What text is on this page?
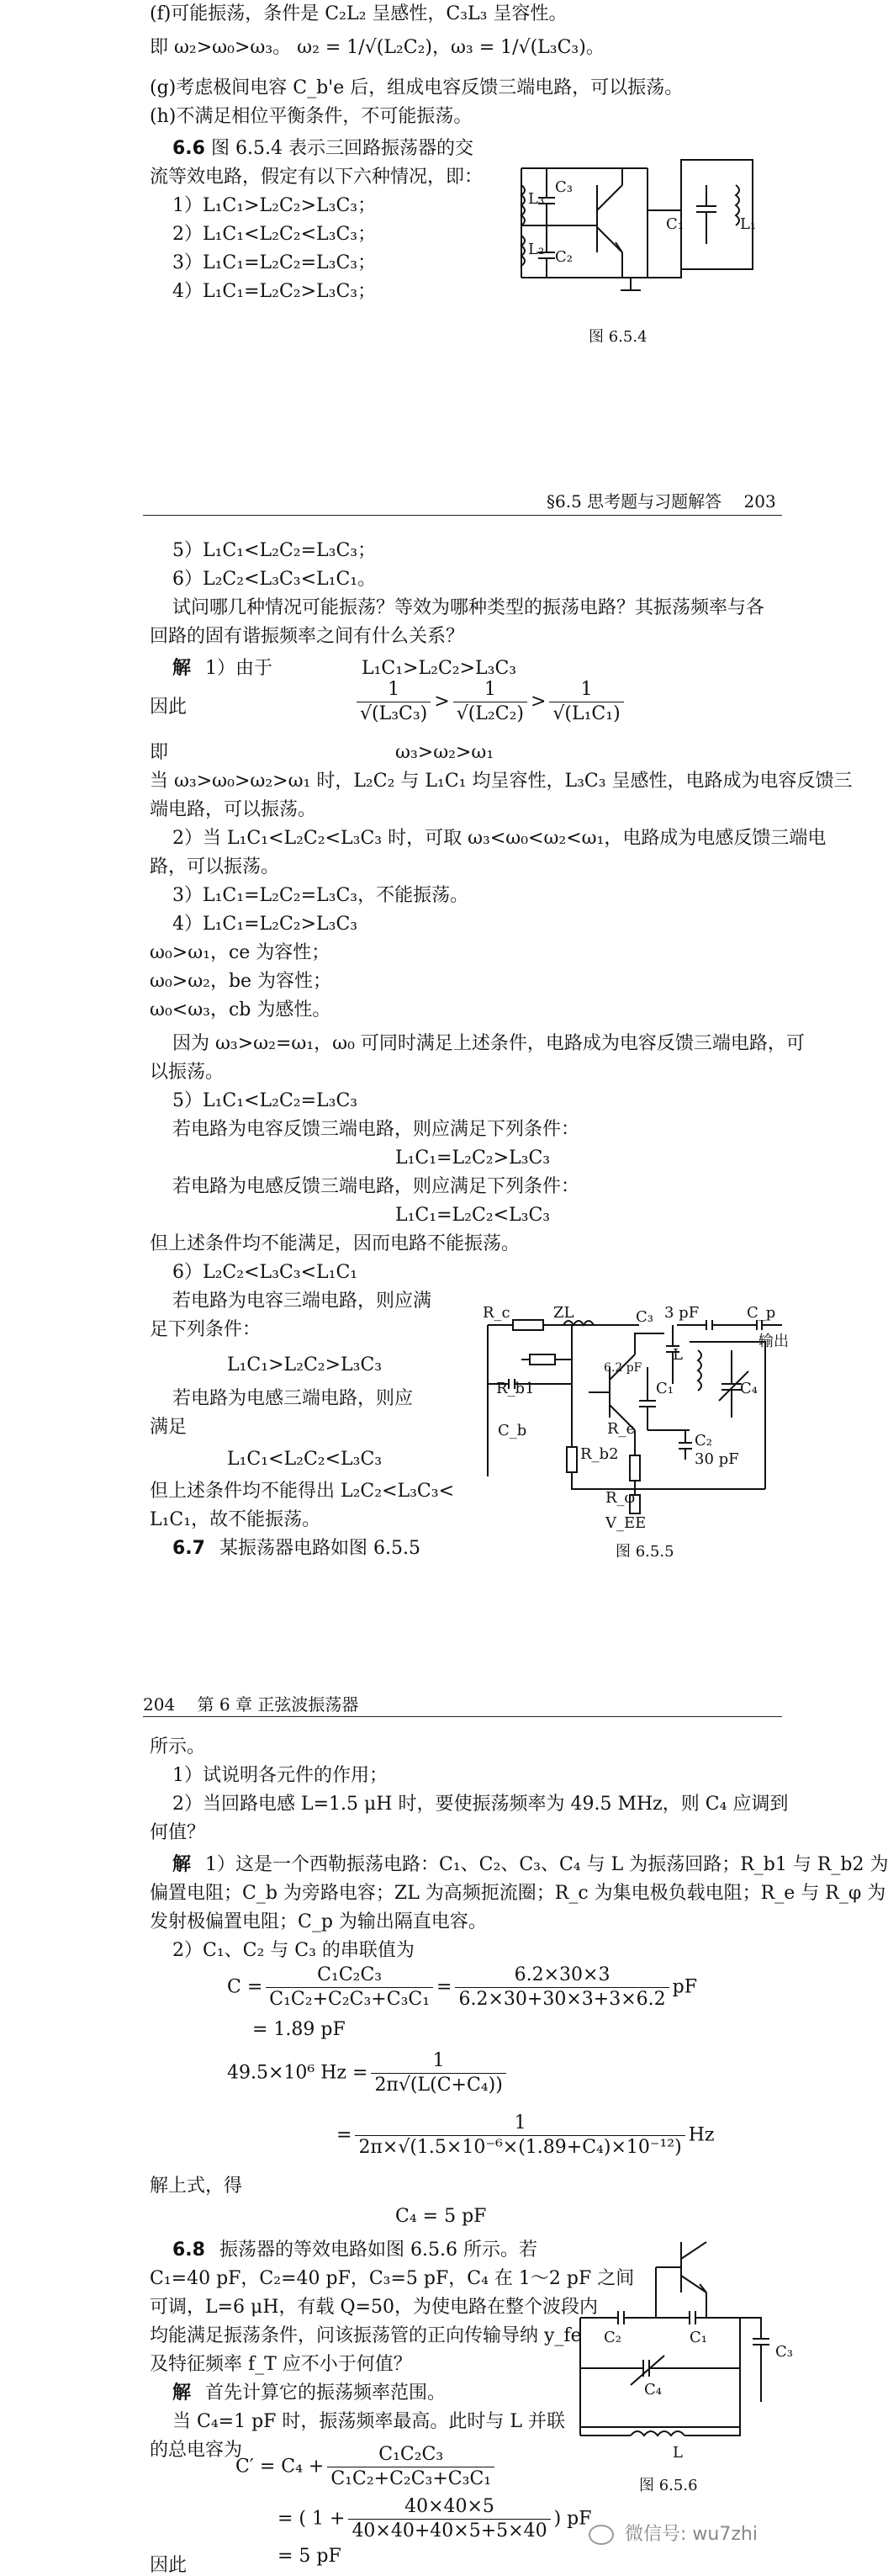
(f)可能振荡，条件是 C₂L₂ 呈感性，C₃L₃ 呈容性。
即 ω₂>ω₀>ω₃。 ω₂ = 1/√(L₂C₂)，ω₃ = 1/√(L₃C₃)。
(g)考虑极间电容 C_b'e 后，组成电容反馈三端电路，可以振荡。
(h)不满足相位平衡条件，不可能振荡。
6.6 图 6.5.4 表示三回路振荡器的交
流等效电路，假定有以下六种情况，即：
1）L₁C₁>L₂C₂>L₃C₃；
2）L₁C₁<L₂C₂<L₃C₃；
3）L₁C₁=L₂C₂=L₃C₃；
4）L₁C₁=L₂C₂>L₃C₃；
L₃
C₃
L₂ C₂
C₁	L₁
图 6.5.4
§6.5 思考题与习题解答 203
5）L₁C₁<L₂C₂=L₃C₃；
6）L₂C₂<L₃C₃<L₁C₁。
试问哪几种情况可能振荡？等效为哪种类型的振荡电路？其振荡频率与各
回路的固有谐振频率之间有什么关系？
解 1）由于	L₁C₁>L₂C₂>L₃C₃
因此	$\frac{1}{\text{√(L₃C₃)}} > \frac{1}{\text{√(L₂C₂)}} > \frac{1}{\text{√(L₁C₁)}}$
即	ω₃>ω₂>ω₁
当 ω₃>ω₀>ω₂>ω₁ 时，L₂C₂ 与 L₁C₁ 均呈容性，L₃C₃ 呈感性，电路成为电容反馈三
端电路，可以振荡。
2）当 L₁C₁<L₂C₂<L₃C₃ 时，可取 ω₃<ω₀<ω₂<ω₁，电路成为电感反馈三端电
路，可以振荡。
3）L₁C₁=L₂C₂=L₃C₃，不能振荡。
4）L₁C₁=L₂C₂>L₃C₃
ω₀>ω₁，ce 为容性；
ω₀>ω₂，be 为容性；
ω₀<ω₃，cb 为感性。
因为 ω₃>ω₂=ω₁，ω₀ 可同时满足上述条件，电路成为电容反馈三端电路，可
以振荡。
5）L₁C₁<L₂C₂=L₃C₃
若电路为电容反馈三端电路，则应满足下列条件：
L₁C₁=L₂C₂>L₃C₃
若电路为电感反馈三端电路，则应满足下列条件：
L₁C₁=L₂C₂<L₃C₃
但上述条件均不能满足，因而电路不能振荡。
6）L₂C₂<L₃C₃<L₁C₁
若电路为电容三端电路，则应满
足下列条件：
L₁C₁>L₂C₂>L₃C₃
若电路为电感三端电路，则应
满足
L₁C₁<L₂C₂<L₃C₃
但上述条件均不能得出 L₂C₂<L₃C₃<
L₁C₁，故不能振荡。
6.7 某振荡器电路如图 6.5.5
R_c	ZL	C₃ 3 pF	C_p
输出
R_b1
6.2 pF
C₁
L
C₄
C_b
R_b2
R_e
C₂
30 pF
R_φ
V_EE
图 6.5.5
204 第 6 章 正弦波振荡器
所示。
1）试说明各元件的作用；
2）当回路电感 L=1.5 μH 时，要使振荡频率为 49.5 MHz，则 C₄ 应调到
何值？
解 1）这是一个西勒振荡电路：C₁、C₂、C₃、C₄ 与 L 为振荡回路；R_b1 与 R_b2 为
偏置电阻；C_b 为旁路电容；ZL 为高频扼流圈；R_c 为集电极负载电阻；R_e 与 R_φ 为
发射极偏置电阻；C_p 为输出隔直电容。
2）C₁、C₂ 与 C₃ 的串联值为
$C = \frac{\text{C₁C₂C₃}}{\text{C₁C₂+C₂C₃+C₃C₁}} = \frac{6.2\times 30\times 3}{6.2\times 30+30\times 3+3\times 6.2}$ pF
= 1.89 pF
49.5×10⁶ $Hz = \frac{1}{\text{2π√(L(C+C₄))}}$
= $\frac{1}{\text{2π×√(1.5×10⁻⁶×(1.89+C₄)×10⁻¹²)}}$ Hz
解上式，得
C₄ = 5 pF
6.8 振荡器的等效电路如图 6.5.6 所示。若
C₁=40 pF，C₂=40 pF，C₃=5 pF，C₄ 在 1～2 pF 之间
可调，L=6 μH，有载 Q=50，为使电路在整个波段内
均能满足振荡条件，问该振荡管的正向传输导纳 y_fe
及特征频率 f_T 应不小于何值？
解 首先计算它的振荡频率范围。
当 C₄=1 pF 时，振荡频率最高。此时与 L 并联
的总电容为
$C' = C_4 + \frac{\text{C₁C₂C₃}}{\text{C₁C₂+C₂C₃+C₃C₁}}$
= ( $1 + \frac{40\times 40\times 5}{40\times 40+40\times 5+5\times 40}$ ) pF
= 5 pF
因此
C₂	C₁
C₃
C₄
L
图 6.5.6
微信号: wu7zhi
